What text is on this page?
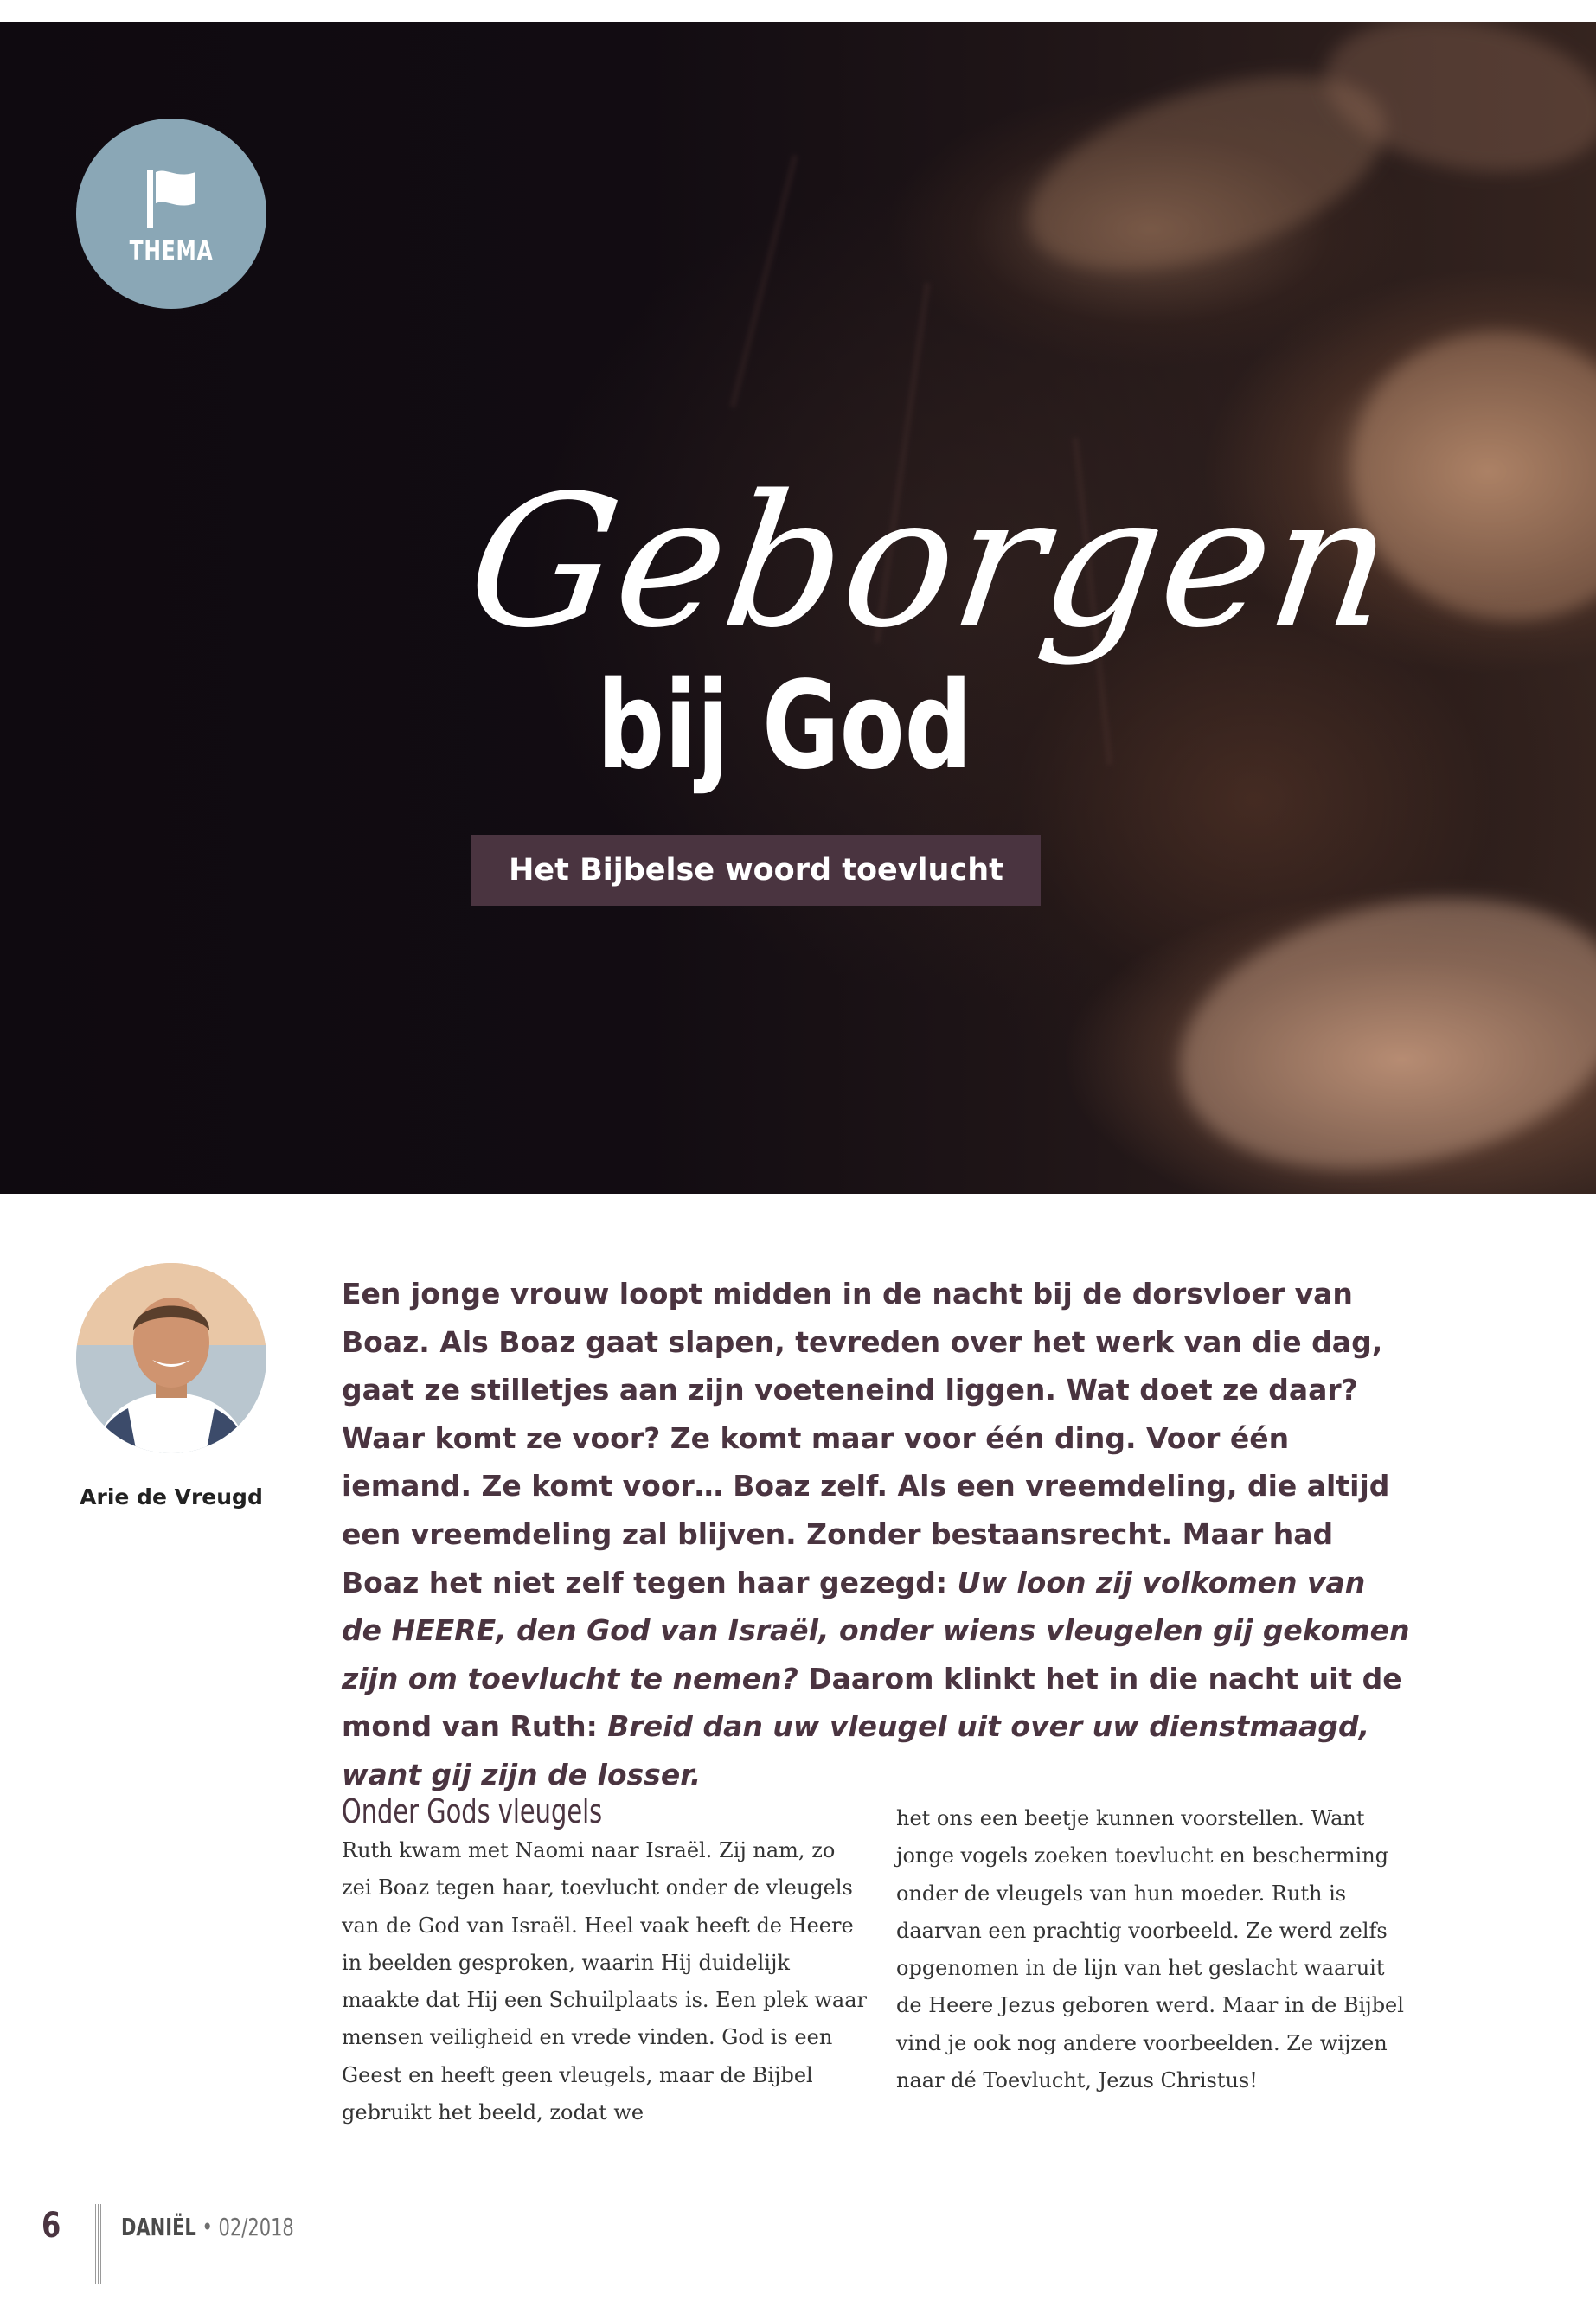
THEMA
Geborgen
bij God
Het Bijbelse woord toevlucht
Arie de Vreugd
Een jonge vrouw loopt midden in de nacht bij de dorsvloer van Boaz. Als Boaz gaat slapen, tevreden over het werk van die dag, gaat ze stilletjes aan zijn voeteneind liggen. Wat doet ze daar? Waar komt ze voor? Ze komt maar voor één ding. Voor één iemand. Ze komt voor… Boaz zelf. Als een vreemdeling, die altijd een vreemdeling zal blijven. Zonder bestaansrecht. Maar had Boaz het niet zelf tegen haar gezegd: Uw loon zij volkomen van de HEERE, den God van Israël, onder wiens vleugelen gij gekomen zijn om toevlucht te nemen? Daarom klinkt het in die nacht uit de mond van Ruth: Breid dan uw vleugel uit over uw dienstmaagd, want gij zijn de losser.
Onder Gods vleugels

Ruth kwam met Naomi naar Israël. Zij nam, zo zei Boaz tegen haar, toevlucht onder de vleugels van de God van Israël. Heel vaak heeft de Heere in beelden gesproken, waarin Hij duidelijk maakte dat Hij een Schuilplaats is. Een plek waar mensen veiligheid en vrede vinden. God is een Geest en heeft geen vleugels, maar de Bijbel gebruikt het beeld, zodat we

het ons een beetje kunnen voorstellen. Want jonge vogels zoeken toevlucht en bescherming onder de vleugels van hun moeder. Ruth is daarvan een prachtig voorbeeld. Ze werd zelfs opgenomen in de lijn van het geslacht waaruit de Heere Jezus geboren werd. Maar in de Bijbel vind je ook nog andere voorbeelden. Ze wijzen naar dé Toevlucht, Jezus Christus!

6 DANIËL • 02/2018
